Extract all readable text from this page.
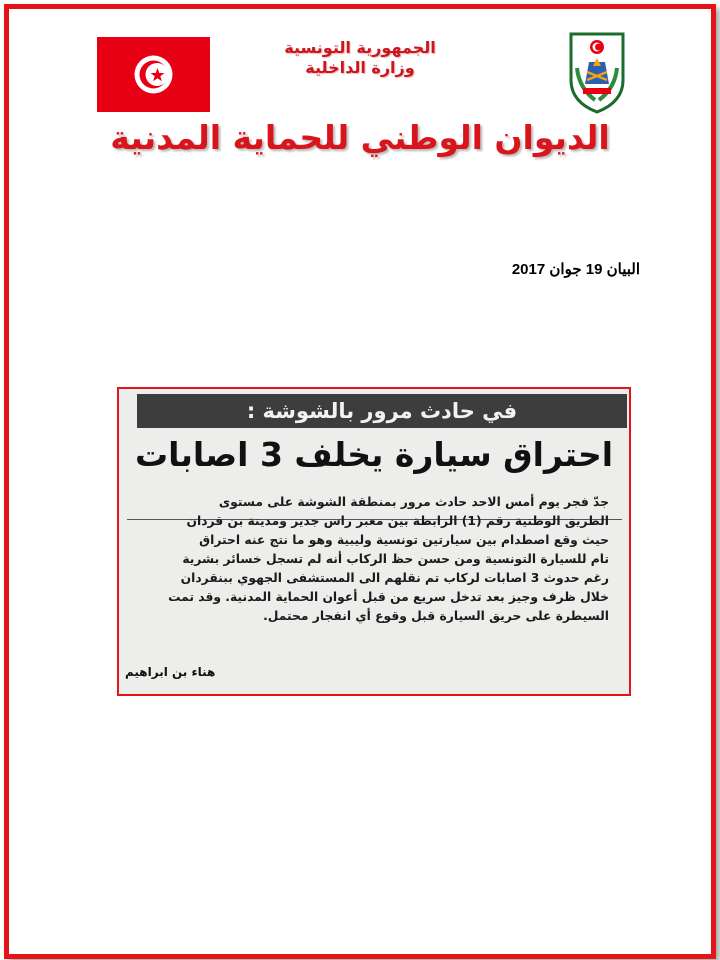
الجمهورية التونسية
وزارة الداخلية
الديوان الوطني للحماية المدنية
البيان 19 جوان 2017
في حادث مرور بالشوشة :
احتراق سيارة يخلف 3 اصابات

جدّ فجر يوم أمس الاحد حادث مرور بمنطقة الشوشة على مستوى

الطريق الوطنية رقم (1) الرابطة بين معبر راس جدير ومدينة بن قردان

حيث وقع اصطدام بين سيارتين تونسية وليبية وهو ما نتج عنه احتراق

تام للسيارة التونسية ومن حسن حظ الركاب أنه لم تسجل خسائر بشرية

رغم حدوث 3 اصابات لركاب تم نقلهم الى المستشفى الجهوي ببنقردان

خلال ظرف وجيز بعد تدخل سريع من قبل أعوان الحماية المدنية. وقد تمت

السيطرة على حريق السيارة قبل وقوع أي انفجار محتمل.

هناء بن ابراهيم
